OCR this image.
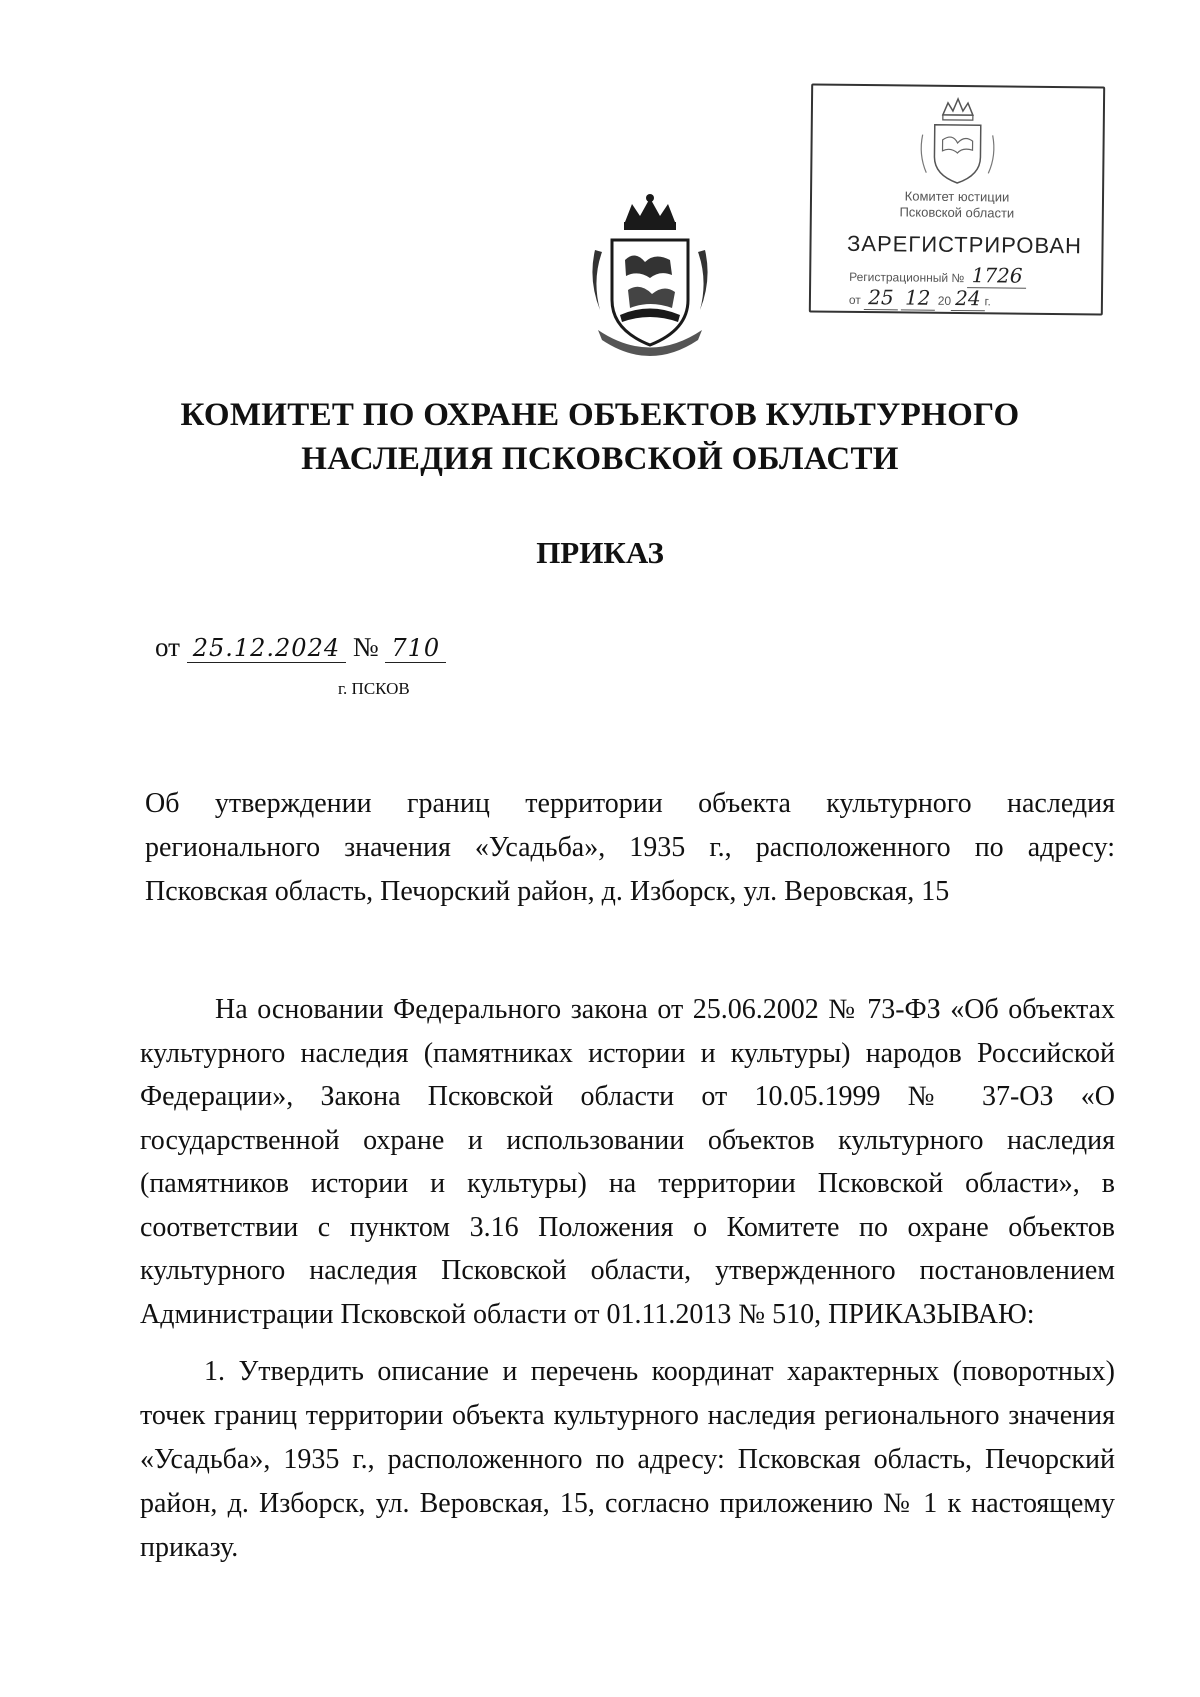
Комитет юстиции
Псковской области
ЗАРЕГИСТРИРОВАН
Регистрационный № 1726
от 25 12 20 24 г.
КОМИТЕТ ПО ОХРАНЕ ОБЪЕКТОВ КУЛЬТУРНОГО
НАСЛЕДИЯ ПСКОВСКОЙ ОБЛАСТИ
ПРИКАЗ
от 25.12.2024 № 710
г. ПСКОВ
Об утверждении границ территории объекта культурного наследия регионального значения «Усадьба», 1935 г., расположенного по адресу: Псковская область, Печорский район, д. Изборск, ул. Веровская, 15

На основании Федерального закона от 25.06.2002 № 73-ФЗ «Об объектах культурного наследия (памятниках истории и культуры) народов Российской Федерации», Закона Псковской области от 10.05.1999 № 37-ОЗ «О государственной охране и использовании объектов культурного наследия (памятников истории и культуры) на территории Псковской области», в соответствии с пунктом 3.16 Положения о Комитете по охране объектов культурного наследия Псковской области, утвержденного постановлением Администрации Псковской области от 01.11.2013 № 510, ПРИКАЗЫВАЮ:

1. Утвердить описание и перечень координат характерных (поворотных) точек границ территории объекта культурного наследия регионального значения «Усадьба», 1935 г., расположенного по адресу: Псковская область, Печорский район, д. Изборск, ул. Веровская, 15, согласно приложению № 1 к настоящему приказу.
